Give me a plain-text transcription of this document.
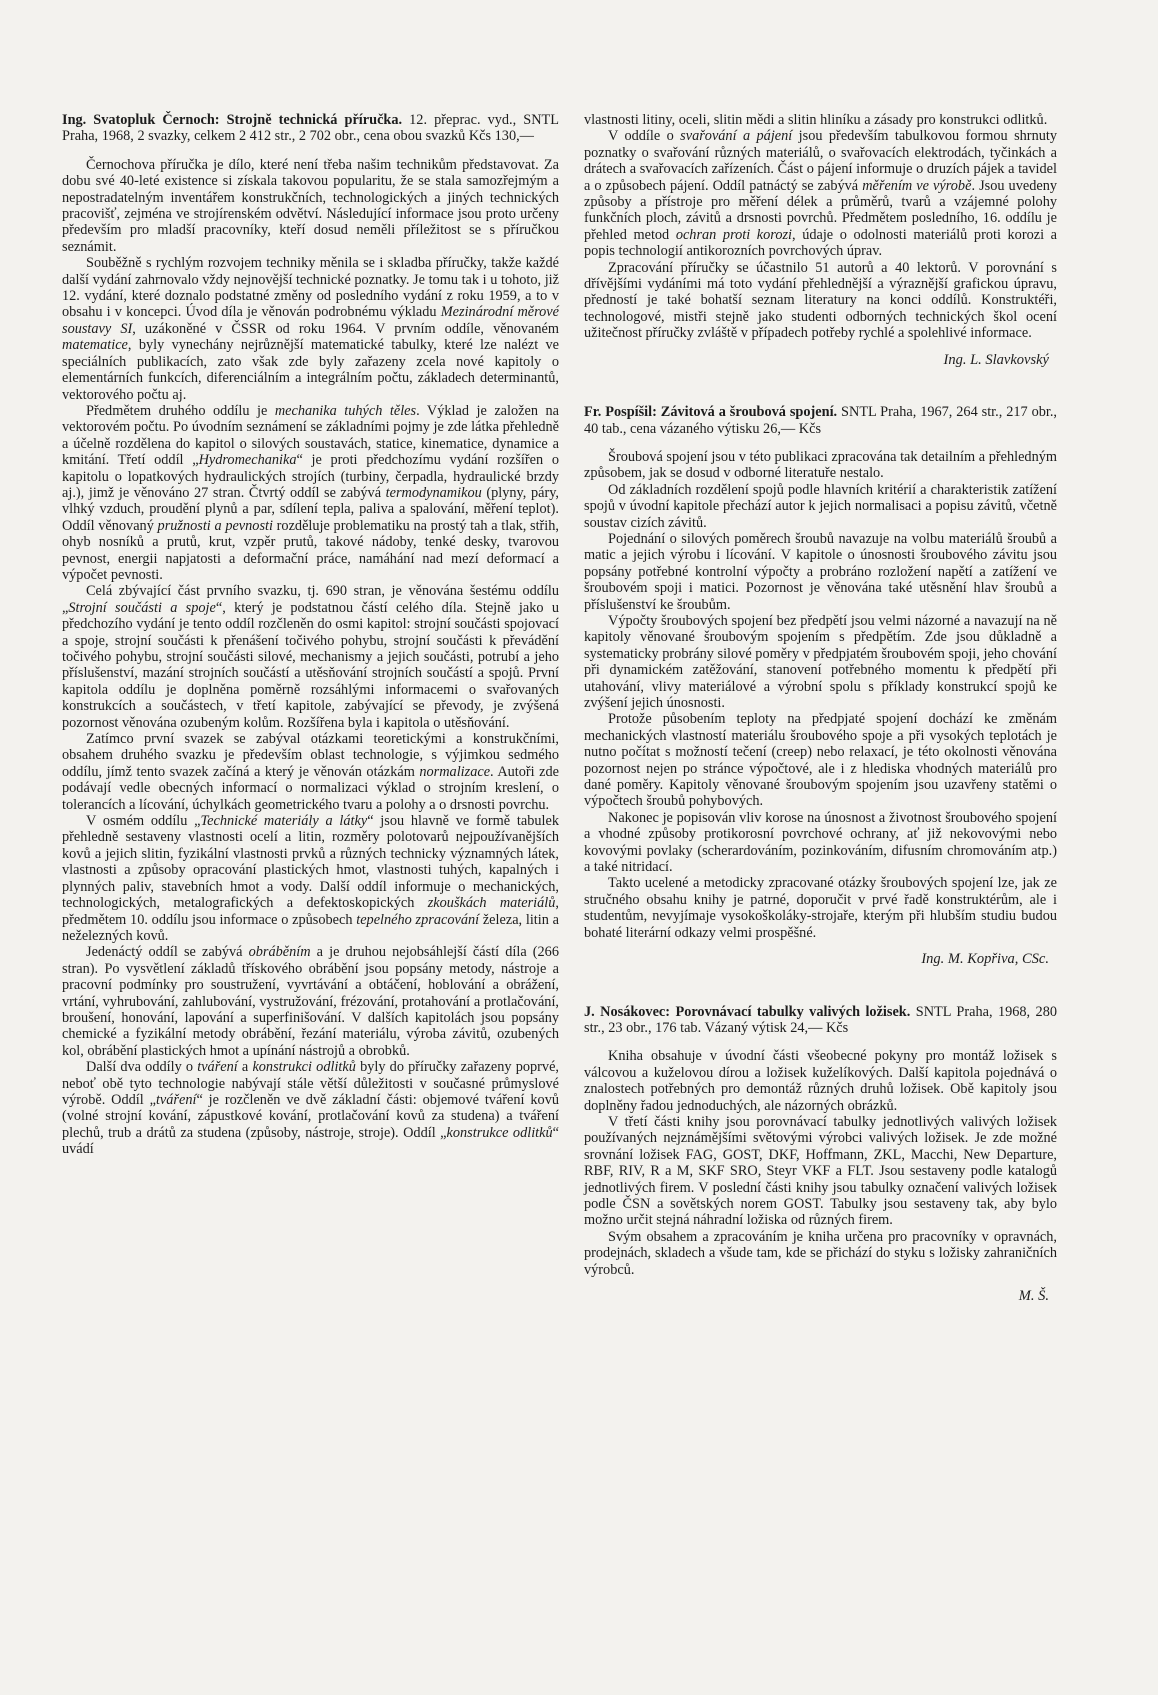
Ing. Svatopluk Černoch: Strojně technická příručka. 12. přeprac. vyd., SNTL Praha, 1968, 2 svazky, celkem 2 412 str., 2 702 obr., cena obou svazků Kčs 130,—

Černochova příručka je dílo, které není třeba našim technikům představovat. Za dobu své 40-leté existence si získala takovou popularitu, že se stala samozřejmým a nepostradatelným inventářem konstrukčních, technologických a jiných technických pracovišť, zejména ve strojírenském odvětví. Následující informace jsou proto určeny především pro mladší pracovníky, kteří dosud neměli příležitost se s příručkou seznámit.

Souběžně s rychlým rozvojem techniky měnila se i skladba příručky, takže každé další vydání zahrnovalo vždy nejnovější technické poznatky. Je tomu tak i u tohoto, již 12. vydání, které doznalo podstatné změny od posledního vydání z roku 1959, a to v obsahu i v koncepci. Úvod díla je věnován podrobnému výkladu Mezinárodní měrové soustavy SI, uzákoněné v ČSSR od roku 1964. V prvním oddíle, věnovaném matematice, byly vynechány nejrůznější matematické tabulky, které lze nalézt ve speciálních publikacích, zato však zde byly zařazeny zcela nové kapitoly o elementárních funkcích, diferenciálním a integrálním počtu, základech determinantů, vektorového počtu aj.

Předmětem druhého oddílu je mechanika tuhých těles. Výklad je založen na vektorovém počtu. Po úvodním seznámení se základními pojmy je zde látka přehledně a účelně rozdělena do kapitol o silových soustavách, statice, kinematice, dynamice a kmitání. Třetí oddíl „Hydromechanika“ je proti předchozímu vydání rozšířen o kapitolu o lopatkových hydraulických strojích (turbiny, čerpadla, hydraulické brzdy aj.), jimž je věnováno 27 stran. Čtvrtý oddíl se zabývá termodynamikou (plyny, páry, vlhký vzduch, proudění plynů a par, sdílení tepla, paliva a spalování, měření teplot). Oddíl věnovaný pružnosti a pevnosti rozděluje problematiku na prostý tah a tlak, střih, ohyb nosníků a prutů, krut, vzpěr prutů, takové nádoby, tenké desky, tvarovou pevnost, energii napjatosti a deformační práce, namáhání nad mezí deformací a výpočet pevnosti.

Celá zbývající část prvního svazku, tj. 690 stran, je věnována šestému oddílu „Strojní součásti a spoje“, který je podstatnou částí celého díla. Stejně jako u předchozího vydání je tento oddíl rozčleněn do osmi kapitol: strojní součásti spojovací a spoje, strojní součásti k přenášení točivého pohybu, strojní součásti k převádění točivého pohybu, strojní součásti silové, mechanismy a jejich součásti, potrubí a jeho příslušenství, mazání strojních součástí a utěsňování strojních součástí a spojů. První kapitola oddílu je doplněna poměrně rozsáhlými informacemi o svařovaných konstrukcích a součástech, v třetí kapitole, zabývající se převody, je zvýšená pozornost věnována ozubeným kolům. Rozšířena byla i kapitola o utěsňování.

Zatímco první svazek se zabýval otázkami teoretickými a konstrukčními, obsahem druhého svazku je především oblast technologie, s výjimkou sedmého oddílu, jímž tento svazek začíná a který je věnován otázkám normalizace. Autoři zde podávají vedle obecných informací o normalizaci výklad o strojním kreslení, o tolerancích a lícování, úchylkách geometrického tvaru a polohy a o drsnosti povrchu.

V osmém oddílu „Technické materiály a látky“ jsou hlavně ve formě tabulek přehledně sestaveny vlastnosti ocelí a litin, rozměry polotovarů nejpoužívanějších kovů a jejich slitin, fyzikální vlastnosti prvků a různých technicky významných látek, vlastnosti a způsoby opracování plastických hmot, vlastnosti tuhých, kapalných i plynných paliv, stavebních hmot a vody. Další oddíl informuje o mechanických, technologických, metalografických a defektoskopických zkouškách materiálů, předmětem 10. oddílu jsou informace o způsobech tepelného zpracování železa, litin a neželezných kovů.

Jedenáctý oddíl se zabývá obráběním a je druhou nejobsáhlejší částí díla (266 stran). Po vysvětlení základů třískového obrábění jsou popsány metody, nástroje a pracovní podmínky pro soustružení, vyvrtávání a obtáčení, hoblování a obrážení, vrtání, vyhrubování, zahlubování, vystružování, frézování, protahování a protlačování, broušení, honování, lapování a superfinišování. V dalších kapitolách jsou popsány chemické a fyzikální metody obrábění, řezání materiálu, výroba závitů, ozubených kol, obrábění plastických hmot a upínání nástrojů a obrobků.

Další dva oddíly o tváření a konstrukci odlitků byly do příručky zařazeny poprvé, neboť obě tyto technologie nabývají stále větší důležitosti v současné průmyslové výrobě. Oddíl „tváření“ je rozčleněn ve dvě základní části: objemové tváření kovů (volné strojní kování, zápustkové kování, protlačování kovů za studena) a tváření plechů, trub a drátů za studena (způsoby, nástroje, stroje). Oddíl „konstrukce odlitků“ uvádí

vlastnosti litiny, oceli, slitin mědi a slitin hliníku a zásady pro konstrukci odlitků.

V oddíle o svařování a pájení jsou především tabulkovou formou shrnuty poznatky o svařování různých materiálů, o svařovacích elektrodách, tyčinkách a drátech a svařovacích zařízeních. Část o pájení informuje o druzích pájek a tavidel a o způsobech pájení. Oddíl patnáctý se zabývá měřením ve výrobě. Jsou uvedeny způsoby a přístroje pro měření délek a průměrů, tvarů a vzájemné polohy funkčních ploch, závitů a drsnosti povrchů. Předmětem posledního, 16. oddílu je přehled metod ochran proti korozi, údaje o odolnosti materiálů proti korozi a popis technologií antikorozních povrchových úprav.

Zpracování příručky se účastnilo 51 autorů a 40 lektorů. V porovnání s dřívějšími vydáními má toto vydání přehlednější a výraznější grafickou úpravu, předností je také bohatší seznam literatury na konci oddílů. Konstruktéři, technologové, mistři stejně jako studenti odborných technických škol ocení užitečnost příručky zvláště v případech potřeby rychlé a spolehlivé informace.

Ing. L. Slavkovský

Fr. Pospíšil: Závitová a šroubová spojení. SNTL Praha, 1967, 264 str., 217 obr., 40 tab., cena vázaného výtisku 26,— Kčs

Šroubová spojení jsou v této publikaci zpracována tak detailním a přehledným způsobem, jak se dosud v odborné literatuře nestalo.

Od základních rozdělení spojů podle hlavních kritérií a charakteristik zatížení spojů v úvodní kapitole přechází autor k jejich normalisaci a popisu závitů, včetně soustav cizích závitů.

Pojednání o silových poměrech šroubů navazuje na volbu materiálů šroubů a matic a jejich výrobu i lícování. V kapitole o únosnosti šroubového závitu jsou popsány potřebné kontrolní výpočty a probráno rozložení napětí a zatížení ve šroubovém spoji i matici. Pozornost je věnována také utěsnění hlav šroubů a příslušenství ke šroubům.

Výpočty šroubových spojení bez předpětí jsou velmi názorné a navazují na ně kapitoly věnované šroubovým spojením s předpětím. Zde jsou důkladně a systematicky probrány silové poměry v předpjatém šroubovém spoji, jeho chování při dynamickém zatěžování, stanovení potřebného momentu k předpětí při utahování, vlivy materiálové a výrobní spolu s příklady konstrukcí spojů ke zvýšení jejich únosnosti.

Protože působením teploty na předpjaté spojení dochází ke změnám mechanických vlastností materiálu šroubového spoje a při vysokých teplotách je nutno počítat s možností tečení (creep) nebo relaxací, je této okolnosti věnována pozornost nejen po stránce výpočtové, ale i z hlediska vhodných materiálů pro dané poměry. Kapitoly věnované šroubovým spojením jsou uzavřeny statěmi o výpočtech šroubů pohybových.

Nakonec je popisován vliv korose na únosnost a životnost šroubového spojení a vhodné způsoby protikorosní povrchové ochrany, ať již nekovovými nebo kovovými povlaky (scherardováním, pozinkováním, difusním chromováním atp.) a také nitridací.

Takto ucelené a metodicky zpracované otázky šroubových spojení lze, jak ze stručného obsahu knihy je patrné, doporučit v prvé řadě konstruktérům, ale i studentům, nevyjímaje vysokoškoláky-strojaře, kterým při hlubším studiu budou bohaté literární odkazy velmi prospěšné.

Ing. M. Kopřiva, CSc.

J. Nosákovec: Porovnávací tabulky valivých ložisek. SNTL Praha, 1968, 280 str., 23 obr., 176 tab. Vázaný výtisk 24,— Kčs

Kniha obsahuje v úvodní části všeobecné pokyny pro montáž ložisek s válcovou a kuželovou dírou a ložisek kuželíkových. Další kapitola pojednává o znalostech potřebných pro demontáž různých druhů ložisek. Obě kapitoly jsou doplněny řadou jednoduchých, ale názorných obrázků.

V třetí části knihy jsou porovnávací tabulky jednotlivých valivých ložisek používaných nejznámějšími světovými výrobci valivých ložisek. Je zde možné srovnání ložisek FAG, GOST, DKF, Hoffmann, ZKL, Macchi, New Departure, RBF, RIV, R a M, SKF SRO, Steyr VKF a FLT. Jsou sestaveny podle katalogů jednotlivých firem. V poslední části knihy jsou tabulky označení valivých ložisek podle ČSN a sovětských norem GOST. Tabulky jsou sestaveny tak, aby bylo možno určit stejná náhradní ložiska od různých firem.

Svým obsahem a zpracováním je kniha určena pro pracovníky v opravnách, prodejnách, skladech a všude tam, kde se přichází do styku s ložisky zahraničních výrobců.

M. Š.
